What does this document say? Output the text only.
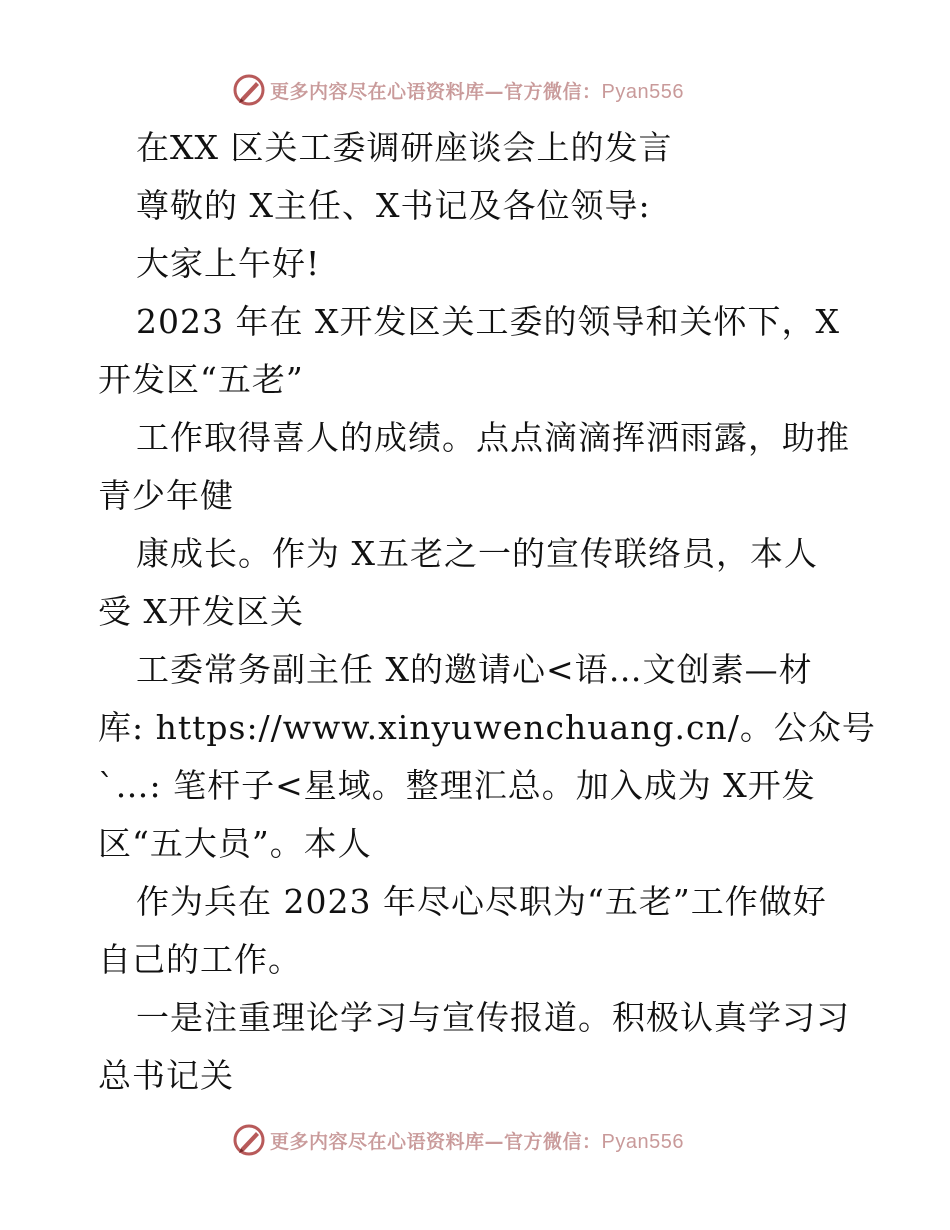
更多内容尽在心语资料库—官方微信：Pyan556
在XX 区关工委调研座谈会上的发言
尊敬的 X主任、X书记及各位领导:
大家上午好!
2023 年在 X开发区关工委的领导和关怀下，X
开发区“五老”
工作取得喜人的成绩。点点滴滴挥洒雨露，助推
青少年健
康成长。作为 X五老之一的宣传联络员，本人
受 X开发区关
工委常务副主任 X的邀请心<语…文创素—材
库: https://www.xinyuwenchuang.cn/。公众号
`…: 笔杆子<星域。整理汇总。加入成为 X开发
区“五大员”。本人
作为兵在 2023 年尽心尽职为“五老”工作做好
自己的工作。
一是注重理论学习与宣传报道。积极认真学习习
总书记关
更多内容尽在心语资料库—官方微信：Pyan556
